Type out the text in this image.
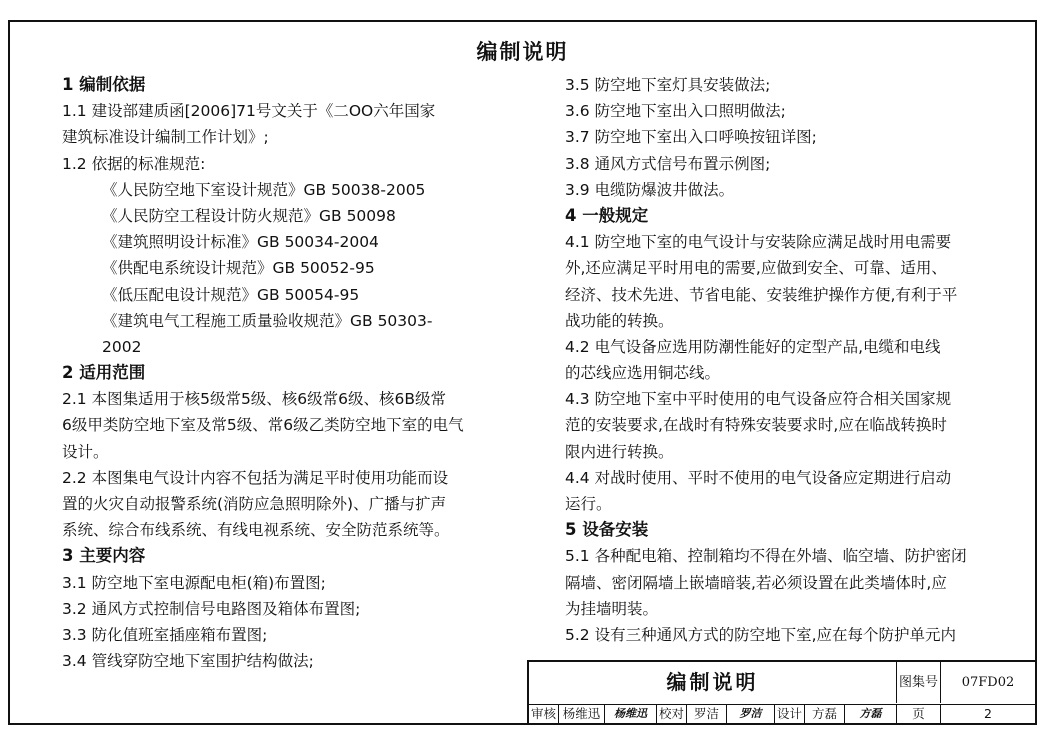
编制说明
1 编制依据
1.1 建设部建质函[2006]71号文关于《二OO六年国家
建筑标准设计编制工作计划》;
1.2 依据的标准规范:
《人民防空地下室设计规范》GB 50038-2005
《人民防空工程设计防火规范》GB 50098
《建筑照明设计标准》GB 50034-2004
《供配电系统设计规范》GB 50052-95
《低压配电设计规范》GB 50054-95
《建筑电气工程施工质量验收规范》GB 50303-
2002
2 适用范围
2.1 本图集适用于核5级常5级、核6级常6级、核6B级常
6级甲类防空地下室及常5级、常6级乙类防空地下室的电气
设计。
2.2 本图集电气设计内容不包括为满足平时使用功能而设
置的火灾自动报警系统(消防应急照明除外)、广播与扩声
系统、综合布线系统、有线电视系统、安全防范系统等。
3 主要内容
3.1 防空地下室电源配电柜(箱)布置图;
3.2 通风方式控制信号电路图及箱体布置图;
3.3 防化值班室插座箱布置图;
3.4 管线穿防空地下室围护结构做法;
3.5 防空地下室灯具安装做法;
3.6 防空地下室出入口照明做法;
3.7 防空地下室出入口呼唤按钮详图;
3.8 通风方式信号布置示例图;
3.9 电缆防爆波井做法。
4 一般规定
4.1 防空地下室的电气设计与安装除应满足战时用电需要
外,还应满足平时用电的需要,应做到安全、可靠、适用、
经济、技术先进、节省电能、安装维护操作方便,有利于平
战功能的转换。
4.2 电气设备应选用防潮性能好的定型产品,电缆和电线
的芯线应选用铜芯线。
4.3 防空地下室中平时使用的电气设备应符合相关国家规
范的安装要求,在战时有特殊安装要求时,应在临战转换时
限内进行转换。
4.4 对战时使用、平时不使用的电气设备应定期进行启动
运行。
5 设备安装
5.1 各种配电箱、控制箱均不得在外墙、临空墙、防护密闭
隔墙、密闭隔墙上嵌墙暗装,若必须设置在此类墙体时,应
为挂墙明装。
5.2 设有三种通风方式的防空地下室,应在每个防护单元内
编制说明	图集号	07FD02
审核 杨维迅	杨维迅 校对 罗洁	罗洁	设计 方磊	方磊	页	2
